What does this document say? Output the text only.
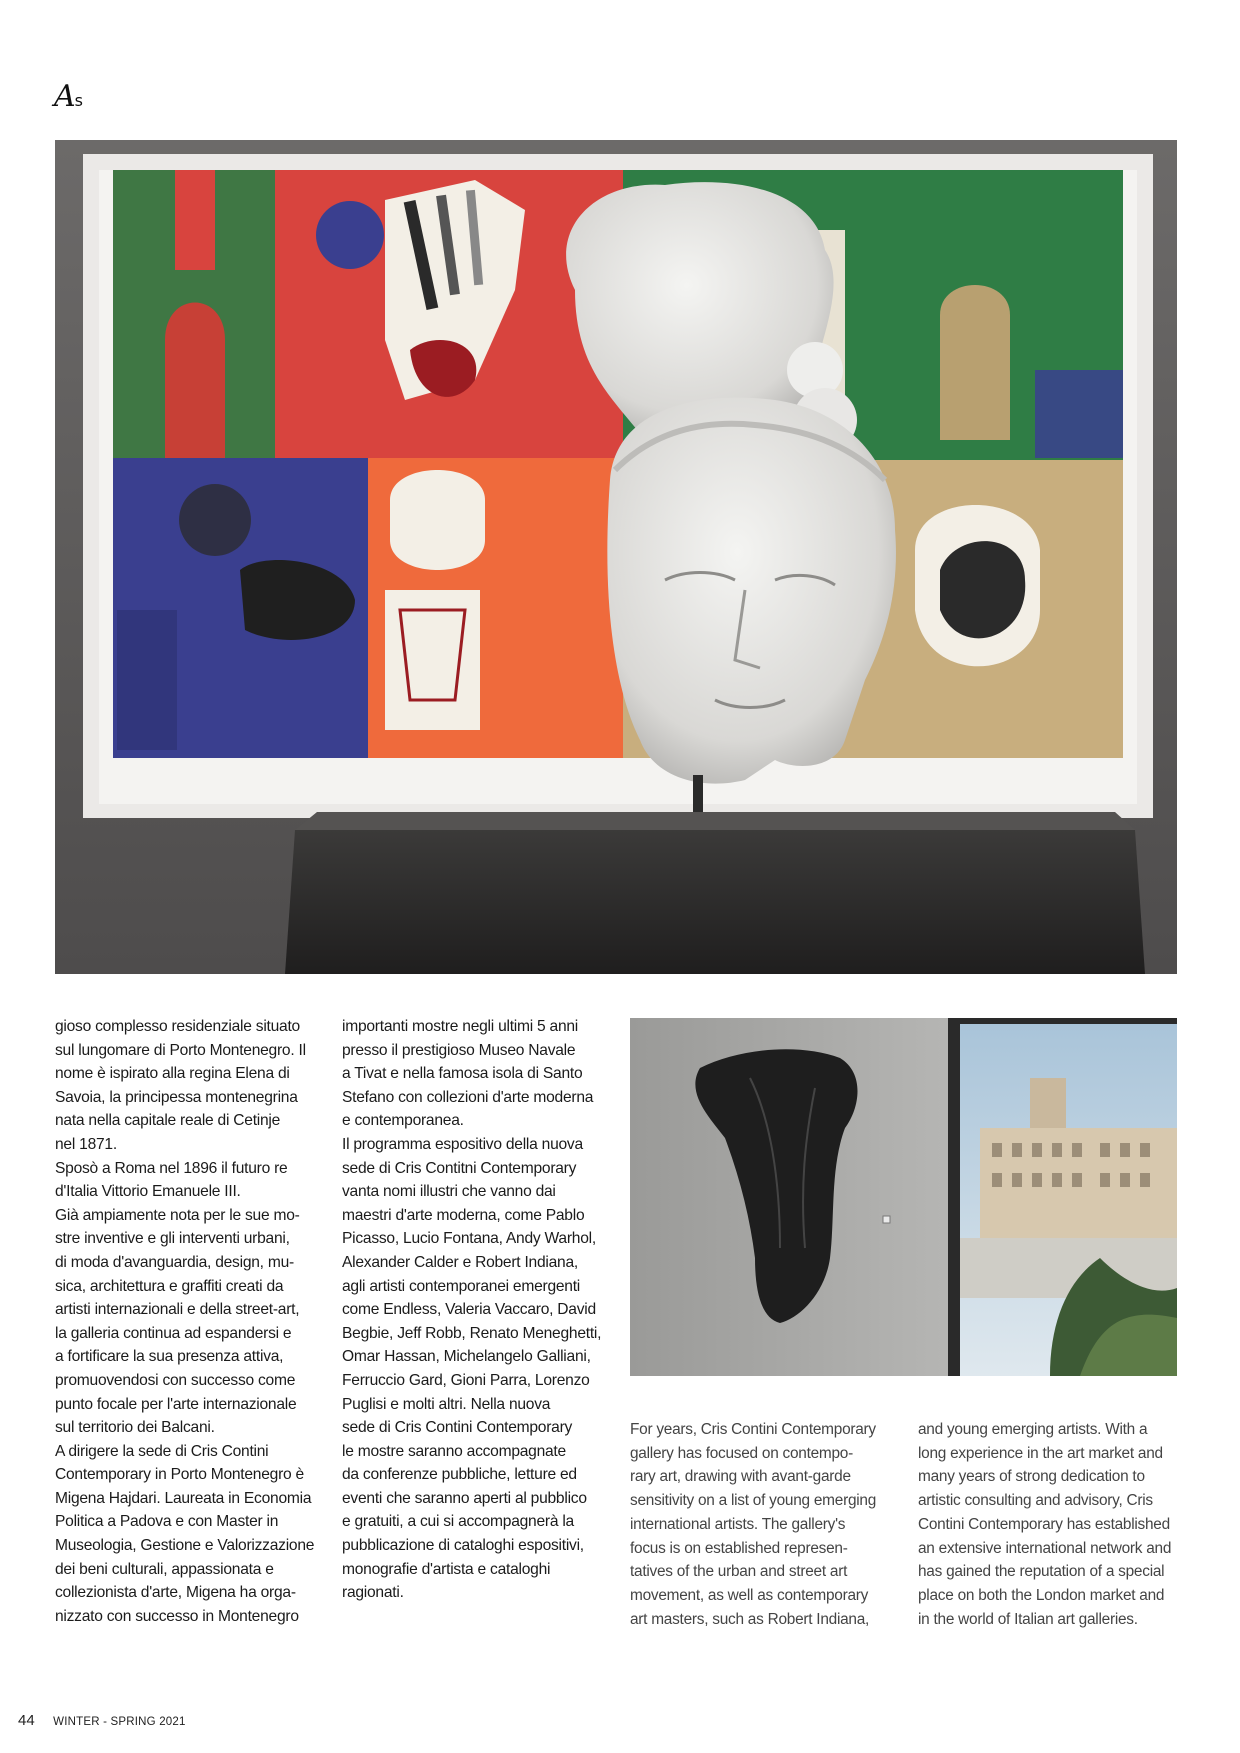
As

gioso complesso residenziale situato
sul lungomare di Porto Montenegro. Il
nome è ispirato alla regina Elena di
Savoia, la principessa montenegrina
nata nella capitale reale di Cetinje
nel 1871.
Sposò a Roma nel 1896 il futuro re
d'Italia Vittorio Emanuele III.
Già ampiamente nota per le sue mo-
stre inventive e gli interventi urbani,
di moda d'avanguardia, design, mu-
sica, architettura e graffiti creati da
artisti internazionali e della street-art,
la galleria continua ad espandersi e
a fortificare la sua presenza attiva,
promuovendosi con successo come
punto focale per l'arte internazionale
sul territorio dei Balcani.
A dirigere la sede di Cris Contini
Contemporary in Porto Montenegro è
Migena Hajdari. Laureata in Economia
Politica a Padova e con Master in
Museologia, Gestione e Valorizzazione
dei beni culturali, appassionata e
collezionista d'arte, Migena ha orga-
nizzato con successo in Montenegro

importanti mostre negli ultimi 5 anni
presso il prestigioso Museo Navale
a Tivat e nella famosa isola di Santo
Stefano con collezioni d'arte moderna
e contemporanea.
Il programma espositivo della nuova
sede di Cris Contitni Contemporary
vanta nomi illustri che vanno dai
maestri d'arte moderna, come Pablo
Picasso, Lucio Fontana, Andy Warhol,
Alexander Calder e Robert Indiana,
agli artisti contemporanei emergenti
come Endless, Valeria Vaccaro, David
Begbie, Jeff Robb, Renato Meneghetti,
Omar Hassan, Michelangelo Galliani,
Ferruccio Gard, Gioni Parra, Lorenzo
Puglisi e molti altri. Nella nuova
sede di Cris Contini Contemporary
le mostre saranno accompagnate
da conferenze pubbliche, letture ed
eventi che saranno aperti al pubblico
e gratuiti, a cui si accompagnerà la
pubblicazione di cataloghi espositivi,
monografie d'artista e cataloghi
ragionati.

For years, Cris Contini Contemporary
gallery has focused on contempo-
rary art, drawing with avant-garde
sensitivity on a list of young emerging
international artists. The gallery's
focus is on established represen-
tatives of the urban and street art
movement, as well as contemporary
art masters, such as Robert Indiana,

and young emerging artists. With a
long experience in the art market and
many years of strong dedication to
artistic consulting and advisory, Cris
Contini Contemporary has established
an extensive international network and
has gained the reputation of a special
place on both the London market and
in the world of Italian art galleries.

44 WINTER - SPRING 2021
